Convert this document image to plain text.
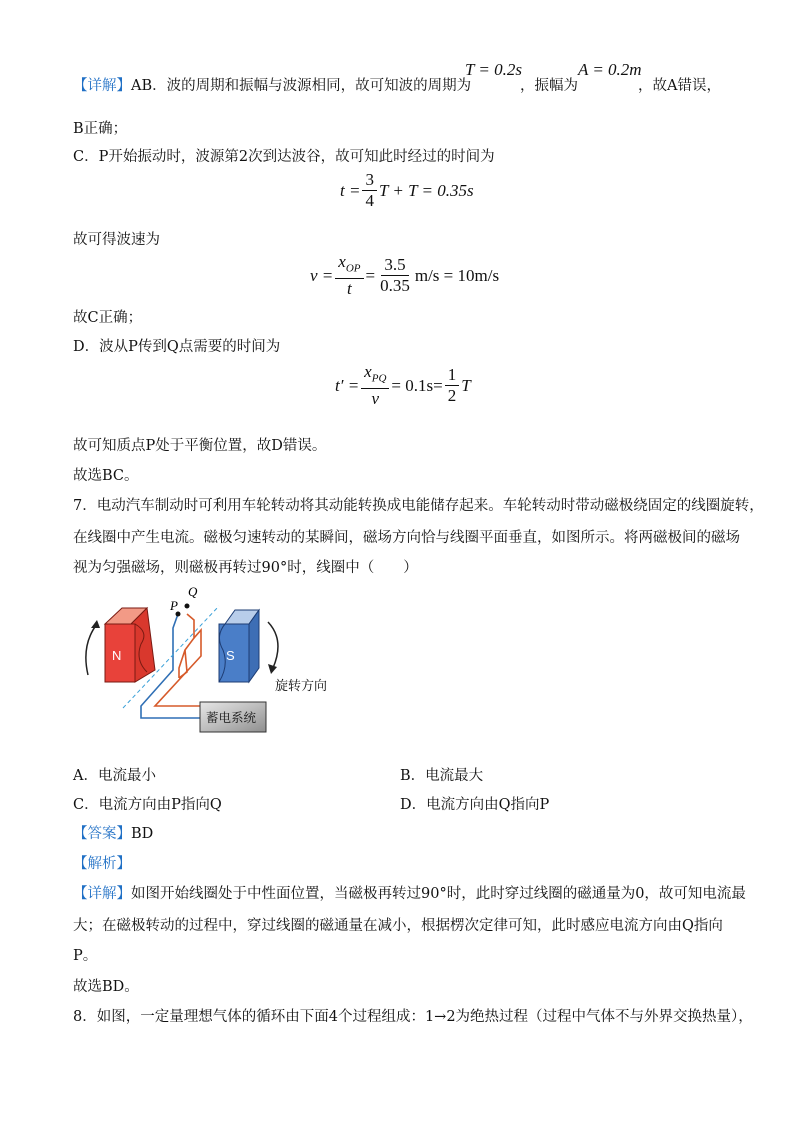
【详解】AB．波的周期和振幅与波源相同，故可知波的周期为
T = 0.2s
，振幅为
A = 0.2m
，故A错误，
B正确；
C．P开始振动时，波源第2次到达波谷，故可知此时经过的时间为
$t = \frac{3}{4}$ T + T = 0.35s
故可得波速为
$v = \frac{x_{OP}}{t} = \frac{3.5}{0.35} m/s = 10m/s$
故C正确；
D．波从P传到Q点需要的时间为
$t' = \frac{x_{PQ}}{v} = 0.1s= \frac{1}{2}$ T
故可知质点P处于平衡位置，故D错误。
故选BC。
7．电动汽车制动时可利用车轮转动将其动能转换成电能储存起来。车轮转动时带动磁极绕固定的线圈旋转，
在线圈中产生电流。磁极匀速转动的某瞬间，磁场方向恰与线圈平面垂直，如图所示。将两磁极间的磁场
视为匀强磁场，则磁极再转过90°时，线圈中（　　）
N	S
P
Q
蓄电系统
旋转方向
A．电流最小	B．电流最大
C．电流方向由P指向Q	D．电流方向由Q指向P
【答案】BD
【解析】
【详解】如图开始线圈处于中性面位置，当磁极再转过90°时，此时穿过线圈的磁通量为0，故可知电流最
大；在磁极转动的过程中，穿过线圈的磁通量在减小，根据楞次定律可知，此时感应电流方向由Q指向
P。
故选BD。
8．如图，一定量理想气体的循环由下面4个过程组成：1→2为绝热过程（过程中气体不与外界交换热量），
